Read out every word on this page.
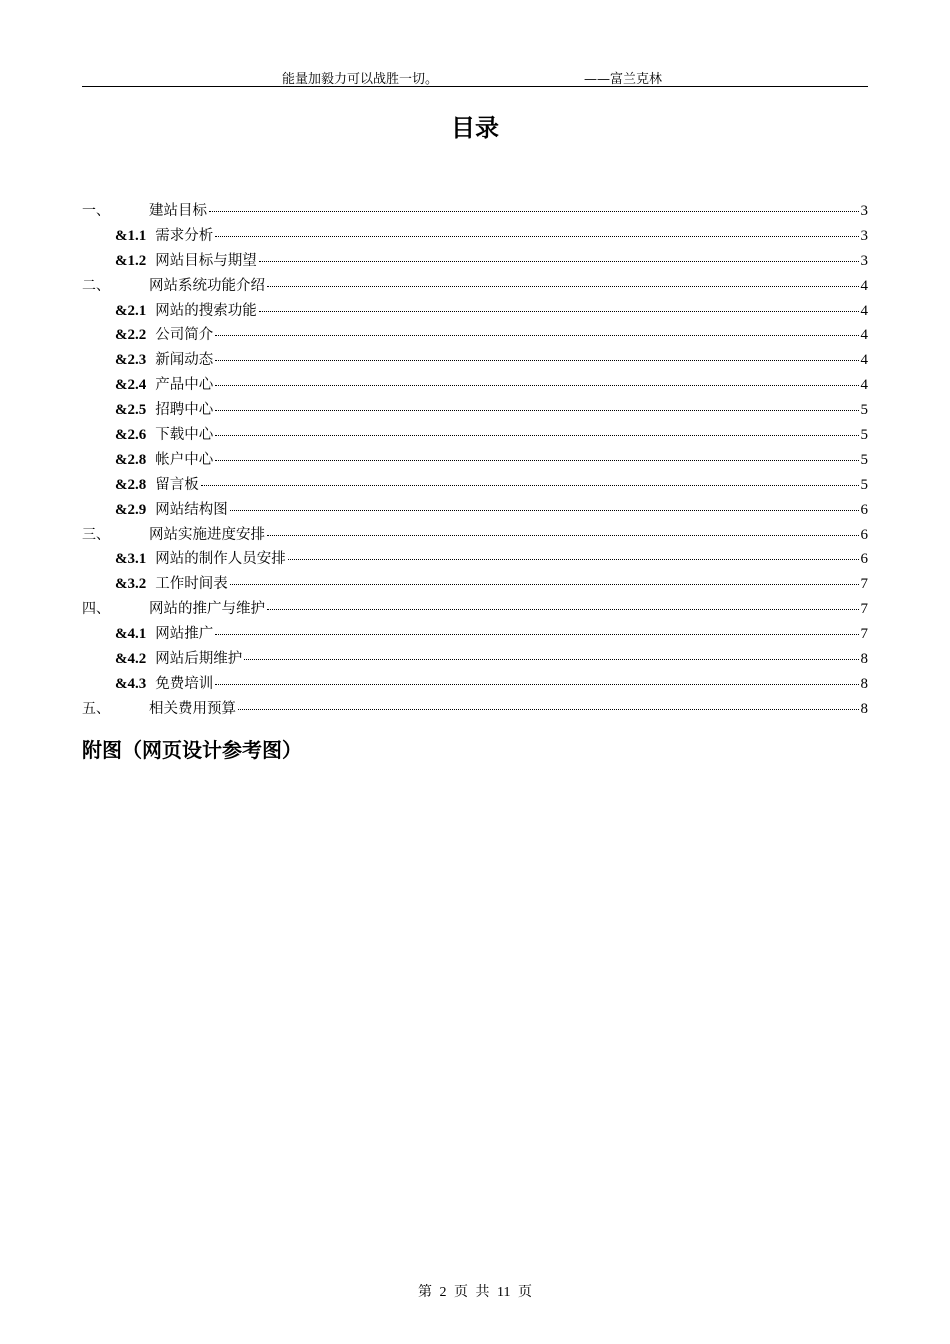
能量加毅力可以战胜一切。	——富兰克林
目录
一、	建站目标	3
&1.1 需求分析	3
&1.2 网站目标与期望	3
二、	网站系统功能介绍	4
&2.1 网站的搜索功能	4
&2.2 公司简介	4
&2.3 新闻动态	4
&2.4 产品中心	4
&2.5 招聘中心	5
&2.6 下载中心	5
&2.8 帐户中心	5
&2.8 留言板	5
&2.9 网站结构图	6
三、	网站实施进度安排	6
&3.1 网站的制作人员安排	6
&3.2 工作时间表	7
四、	网站的推广与维护	7
&4.1 网站推广	7
&4.2 网站后期维护	8
&4.3 免费培训	8
五、	相关费用预算	8
附图（网页设计参考图）
第 2 页 共 11 页
